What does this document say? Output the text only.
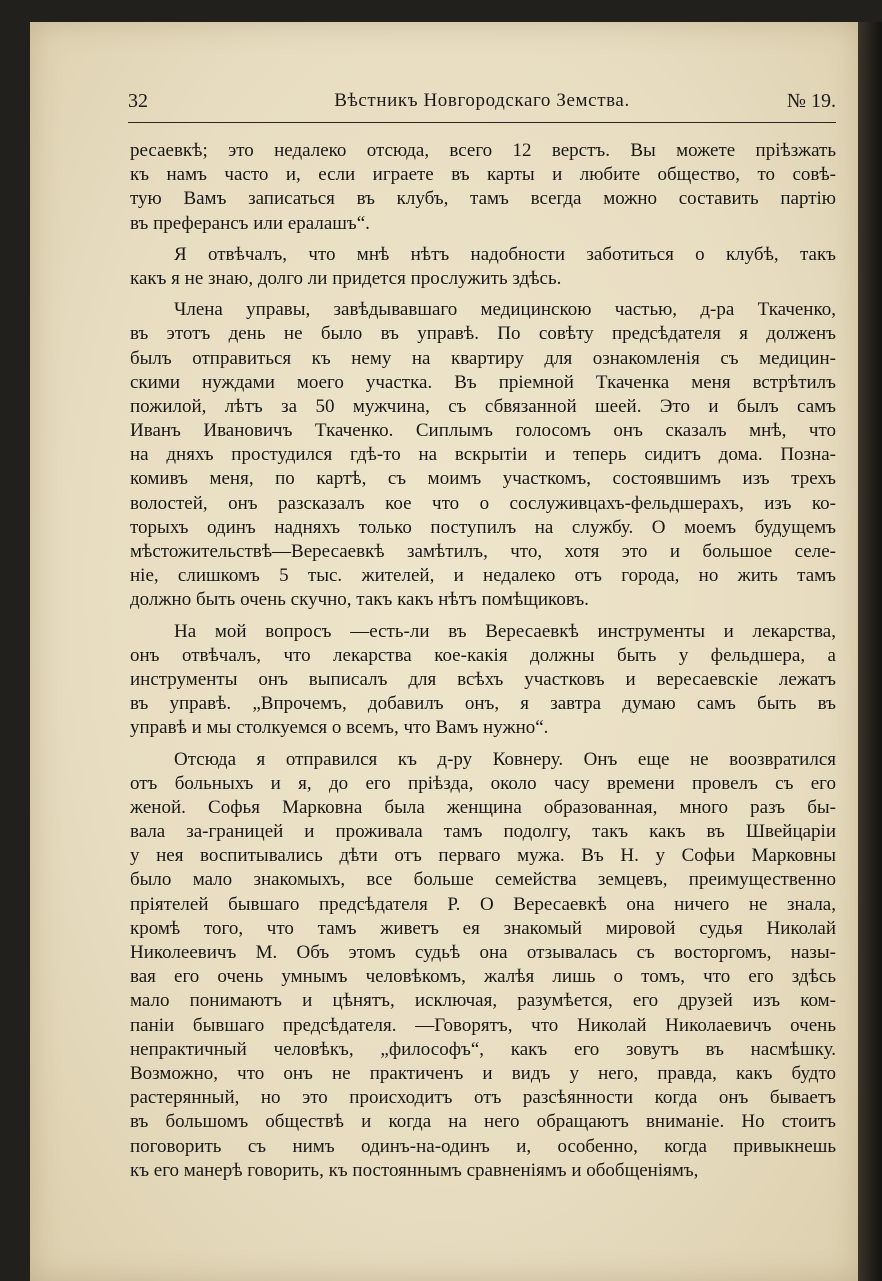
Вѣстникъ Новгородскаго Земства.
32	№ 19.
ресаевкѣ; это недалеко отсюда, всего 12 верстъ. Вы можете пріѣзжать
къ намъ часто и, если играете въ карты и любите общество, то совѣ-
тую Вамъ записаться въ клубъ, тамъ всегда можно составить партію
въ преферансъ или ералашъ“.
Я отвѣчалъ, что мнѣ нѣтъ надобности заботиться о клубѣ, такъ
какъ я не знаю, долго ли придется прослужить здѣсь.
Члена управы, завѣдывавшаго медицинскою частью, д-ра Ткаченко,
въ этотъ день не было въ управѣ. По совѣту предсѣдателя я долженъ
былъ отправиться къ нему на квартиру для ознакомленія съ медицин-
скими нуждами моего участка. Въ пріемной Ткаченка меня встрѣтилъ
пожилой, лѣтъ за 50 мужчина, съ сбвязанной шеей. Это и былъ самъ
Иванъ Ивановичъ Ткаченко. Сиплымъ голосомъ онъ сказалъ мнѣ, что
на дняхъ простудился гдѣ-то на вскрытіи и теперь сидитъ дома. Позна-
комивъ меня, по картѣ, съ моимъ участкомъ, состоявшимъ изъ трехъ
волостей, онъ разсказалъ кое что о сослуживцахъ-фельдшерахъ, изъ ко-
торыхъ одинъ надняхъ только поступилъ на службу. О моемъ будущемъ
мѣстожительствѣ—Вересаевкѣ замѣтилъ, что, хотя это и большое селе-
ніе, слишкомъ 5 тыс. жителей, и недалеко отъ города, но жить тамъ
должно быть очень скучно, такъ какъ нѣтъ помѣщиковъ.
На мой вопросъ —есть-ли въ Вересаевкѣ инструменты и лекарства,
онъ отвѣчалъ, что лекарства кое-какія должны быть у фельдшера, а
инструменты онъ выписалъ для всѣхъ участковъ и вересаевскіе лежатъ
въ управѣ. „Впрочемъ, добавилъ онъ, я завтра думаю самъ быть въ
управѣ и мы столкуемся о всемъ, что Вамъ нужно“.
Отсюда я отправился къ д-ру Ковнеру. Онъ еще не воозвратился
отъ больныхъ и я, до его пріѣзда, около часу времени провелъ съ его
женой. Софья Марковна была женщина образованная, много разъ бы-
вала за-границей и проживала тамъ подолгу, такъ какъ въ Швейцаріи
у нея воспитывались дѣти отъ перваго мужа. Въ Н. у Софьи Марковны
было мало знакомыхъ, все больше семейства земцевъ, преимущественно
пріятелей бывшаго предсѣдателя Р. О Вересаевкѣ она ничего не знала,
кромѣ того, что тамъ живетъ ея знакомый мировой судья Николай
Николеевичъ М. Объ этомъ судьѣ она отзывалась съ восторгомъ, назы-
вая его очень умнымъ человѣкомъ, жалѣя лишь о томъ, что его здѣсь
мало понимаютъ и цѣнятъ, исключая, разумѣется, его друзей изъ ком-
паніи бывшаго предсѣдателя. —Говорятъ, что Николай Николаевичъ очень
непрактичный человѣкъ, „философъ“, какъ его зовутъ въ насмѣшку.
Возможно, что онъ не практиченъ и видъ у него, правда, какъ будто
растерянный, но это происходитъ отъ разсѣянности когда онъ бываетъ
въ большомъ обществѣ и когда на него обращаютъ вниманіе. Но стоитъ
поговорить съ нимъ одинъ-на-одинъ и, особенно, когда привыкнешь
къ его манерѣ говорить, къ постояннымъ сравненіямъ и обобщеніямъ,
